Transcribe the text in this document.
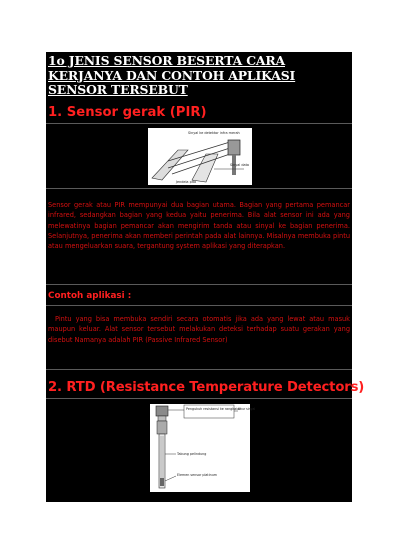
1o JENIS SENSOR BESERTA CARA KERJANYA DAN CONTOH APLIKASI SENSOR TERSEBUT

1. Sensor gerak (PIR)

Sinyal ke detektor infra merah
Sinyal data
Jendela pita

Sensor gerak atau PIR mempunyai dua bagian utama. Bagian yang pertama pemancar infrared, sedangkan bagian yang kedua yaitu penerima. Bila alat sensor ini ada yang melewatinya bagian pemancar akan mengirim tanda atau sinyal ke bagian penerima. Selanjutnya, penerima akan memberi perintah pada alat lainnya. Misalnya membuka pintu atau mengeluarkan suara, tergantung system aplikasi yang diterapkan.

Contoh aplikasi :

Pintu yang bisa membuka sendiri secara otomatis jika ada yang lewat atau masuk maupun keluar. Alat sensor tersebut melakukan deteksi terhadap suatu gerakan yang disebut Namanya adalah PIR (Passive Infrared Sensor)

2. RTD (Resistance Temperature Detectors)

Pengukuh resistansi ke rangkaian
Ukur sinyal
Tabung pelindung
Elemen sensor platinum
